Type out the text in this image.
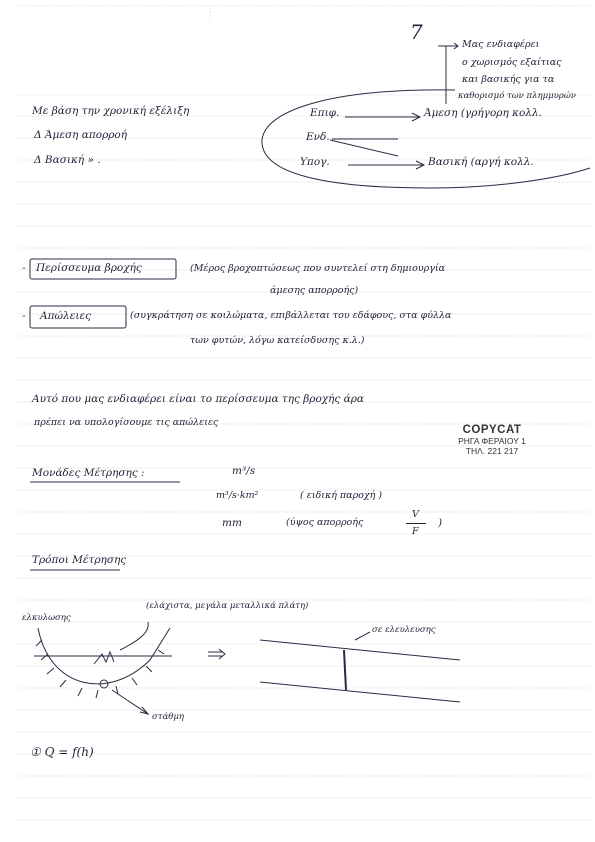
7
Μας ενδιαφέρει
ο χωρισμός εξαίτιας
και βασικής για τα
καθορισμό των πλημμυρών
Με βάση την χρονική εξέλιξη
Δ Άμεση απορροή
Δ Βασική » .
Επιφ.
Ενδ.
Υπογ.
Άμεση (γρήγορη κολλ.
Βασική (αργή κολλ.
- Περίσσευμα βροχής	(Μέρος βροχοπτώσεως που συντελεί στη δημιουργία
άμεσης απορροής)
- Απώλειες	(συγκράτηση σε κοιλώματα, επιβάλλεται του εδάφους, στα φύλλα
των φυτών, λόγω κατείσδυσης κ.λ.)
Αυτό που μας ενδιαφέρει είναι το περίσσευμα της βροχής άρα
πρέπει να υπολογίσουμε τις απώλειες
COPYCAT
ΡΗΓΑ ΦΕΡΑΙΟΥ 1
ΤΗΛ. 221 217
Μονάδες Μέτρησης :	m³/s
m³/s·km²	( ειδική παροχή )
mm	(ύψος απορροής
V
F
)
Τρόποι Μέτρησης
ελκυλωσης
(ελάχιστα, μεγάλα μεταλλικά πλάτη)
σε ελευλευσης
στάθμη
① Q = f(h)
